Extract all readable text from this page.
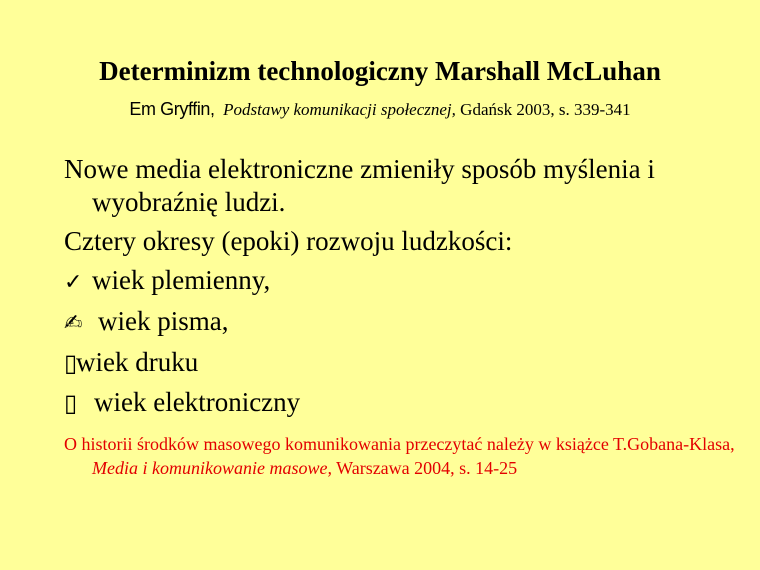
Determinizm technologiczny Marshall McLuhan
Em Gryffin, Podstawy komunikacji społecznej, Gdańsk 2003, s. 339-341

Nowe media elektroniczne zmieniły sposób myślenia i wyobraźnię ludzi.

Cztery okresy (epoki) rozwoju ludzkości:

✓ wiek plemienny,
✍ wiek pisma,
▯
wiek druku
▯ wiek elektroniczny
O historii środków masowego komunikowania przeczytać należy w książce T.Gobana-Klasa, Media i komunikowanie masowe, Warszawa 2004, s. 14-25
